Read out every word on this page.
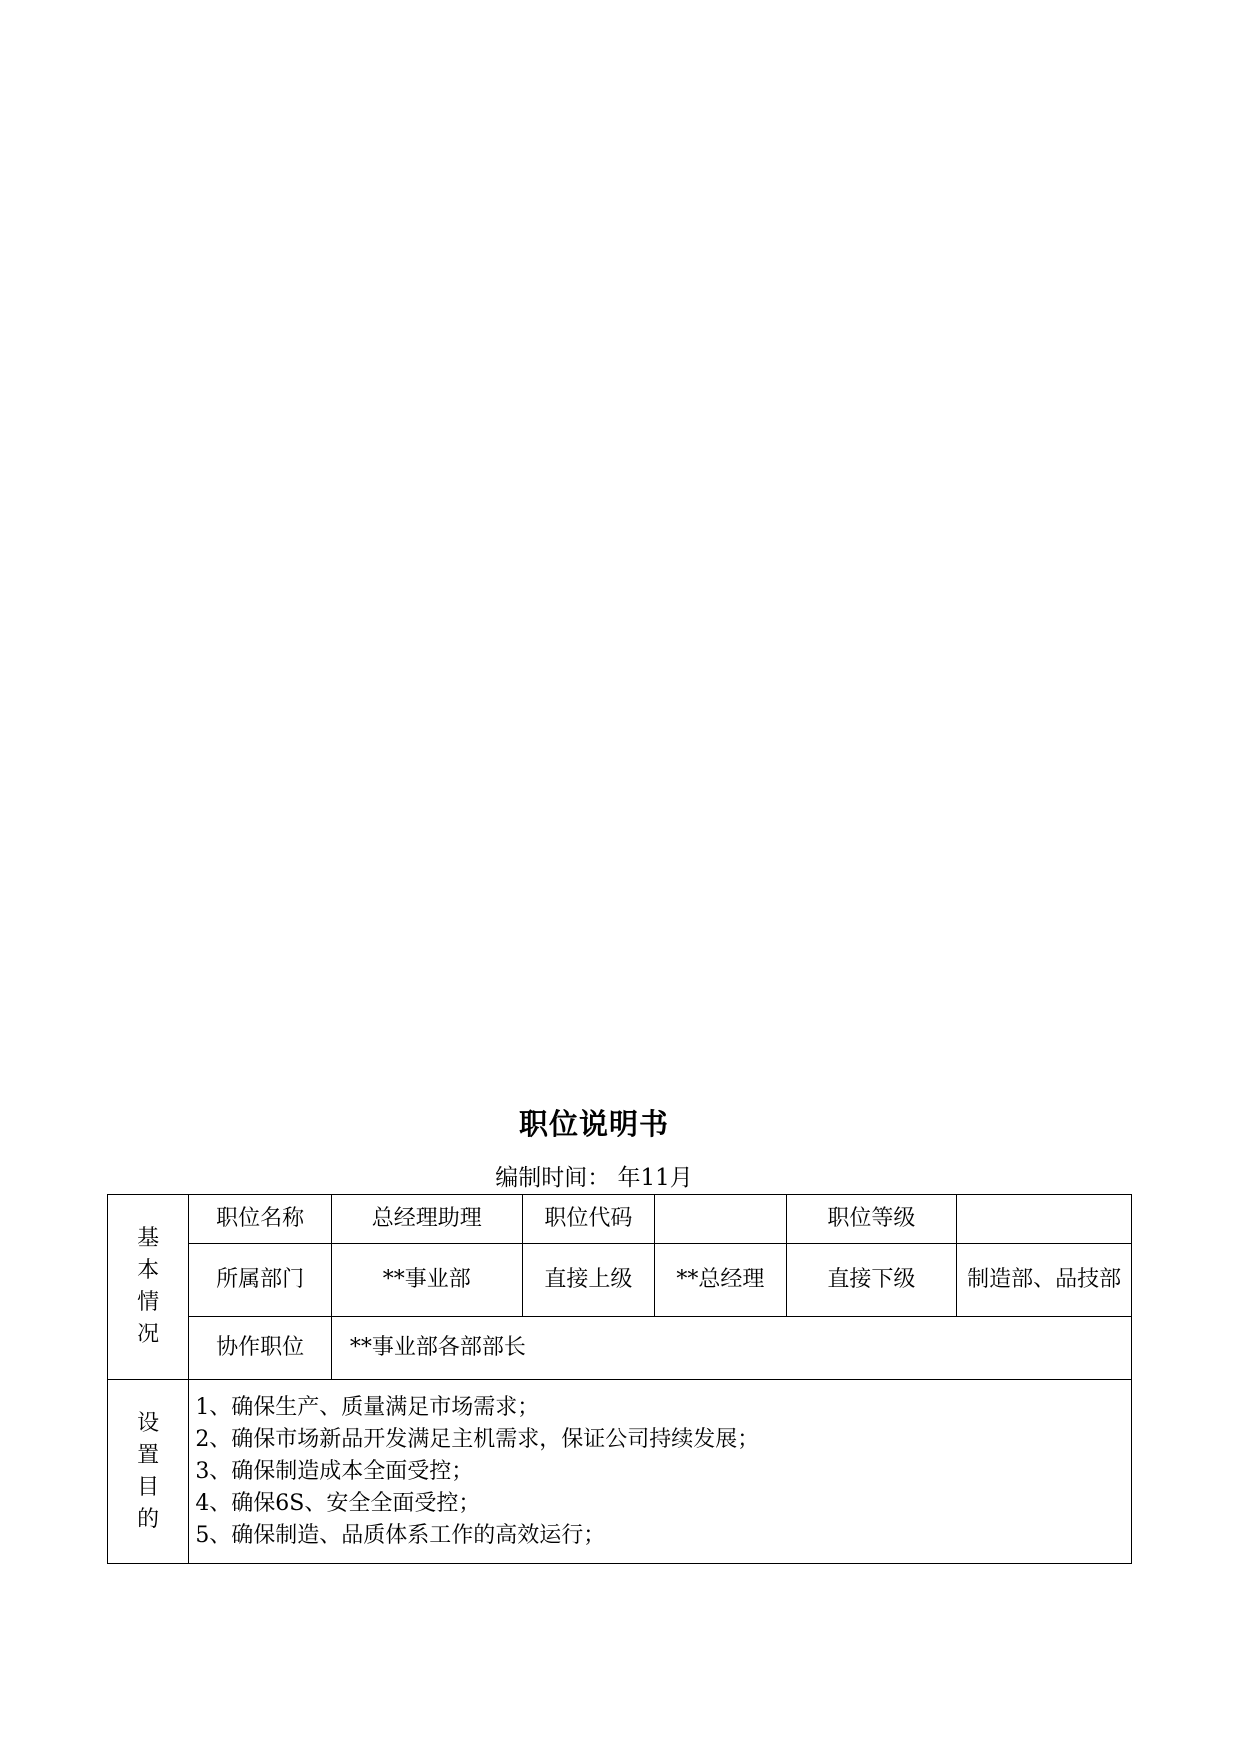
职位说明书
编制时间： 年11月
基
本
情
况	职位名称	总经理助理	职位代码		职位等级	
	所属部门	**事业部	直接上级	**总经理	直接下级	制造部、品技部
	协作职位	**事业部各部部长				

设
置
目
的	1、确保生产、质量满足市场需求；
2、确保市场新品开发满足主机需求，保证公司持续发展；
3、确保制造成本全面受控；
4、确保6S、安全全面受控；
5、确保制造、品质体系工作的高效运行；					
